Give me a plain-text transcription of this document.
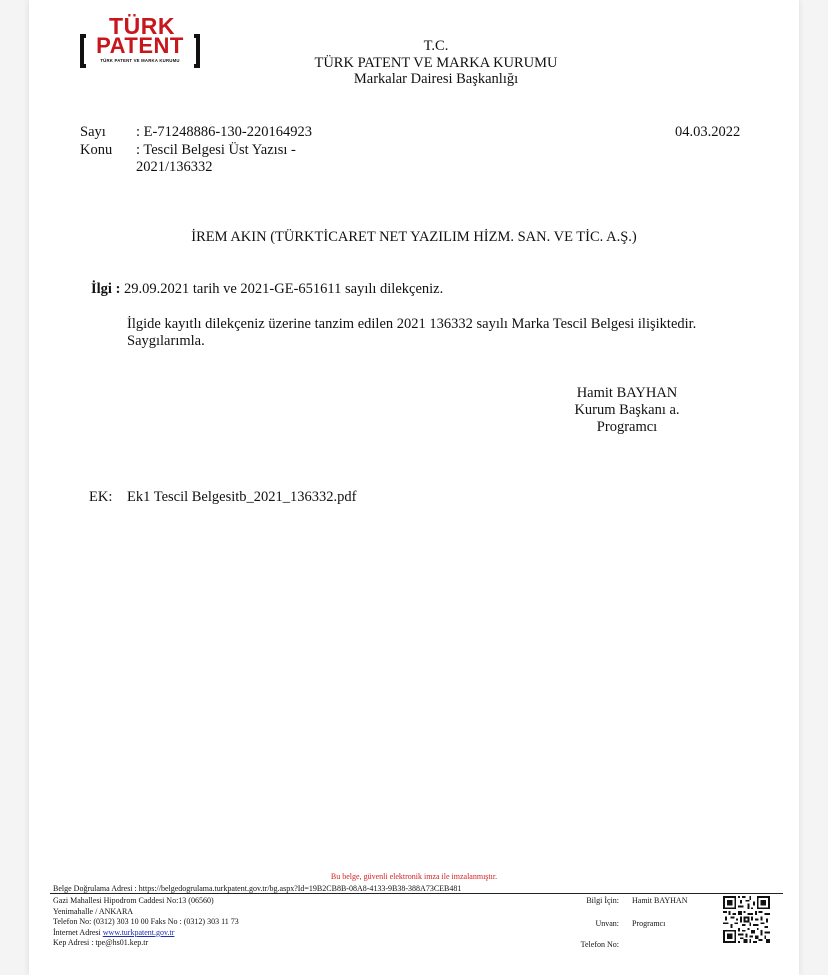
TÜRK
PATENT
TÜRK PATENT VE MARKA KURUMU
T.C.
TÜRK PATENT VE MARKA KURUMU
Markalar Dairesi Başkanlığı
Sayı : E-71248886-130-220164923
Konu : Tescil Belgesi Üst Yazısı -
2021/136332
04.03.2022
İREM AKIN (TÜRKTİCARET NET YAZILIM HİZM. SAN. VE TİC. A.Ş.)
İlgi : 29.09.2021 tarih ve 2021-GE-651611 sayılı dilekçeniz.
İlgide kayıtlı dilekçeniz üzerine tanzim edilen 2021 136332 sayılı Marka Tescil Belgesi ilişiktedir.
Saygılarımla.
Hamit BAYHAN
Kurum Başkanı a.
Programcı
EK: Ek1 Tescil Belgesitb_2021_136332.pdf
Bu belge, güvenli elektronik imza ile imzalanmıştır.
Belge Doğrulama Adresi : https://belgedogrulama.turkpatent.gov.tr/bg.aspx?Id=19B2CB8B-08A8-4133-9B38-388A73CEB481
Gazi Mahallesi Hipodrom Caddesi No:13 (06560)
Yenimahalle / ANKARA
Telefon No: (0312) 303 10 00 Faks No : (0312) 303 11 73
İnternet Adresi www.turkpatent.gov.tr
Kep Adresi : tpe@hs01.kep.tr
Bilgi İçin: Hamit BAYHAN
Unvan: Programcı
Telefon No:
